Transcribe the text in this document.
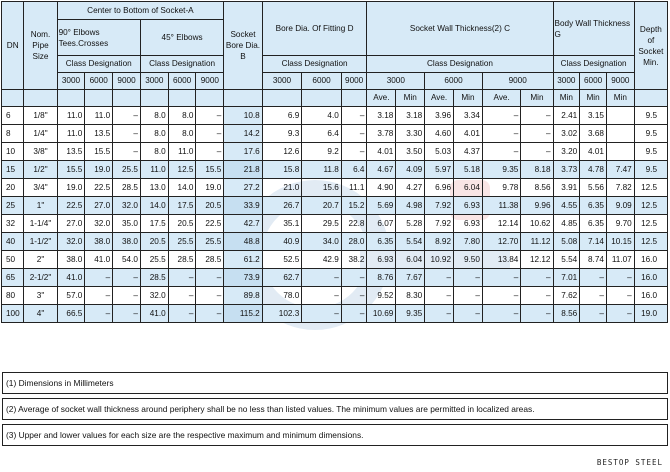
DN	Nom. Pipe Size	Center to Bottom of Socket-A						Socket Bore Dia. B	Bore Dia. Of Fitting D			Socket Wall Thickness(2) C						Body Wall Thickness G			Depth of Socket Min.
		90° Elbows Tees.Crosses			45° Elbows																
		Class Designation			Class Designation				Class Designation			Class Designation						Class Designation			
		3000	6000	9000	3000	6000	9000		3000	6000	9000	3000		6000		9000		3000	6000	9000	
												Ave.	Min	Ave.	Min	Ave.	Min	Min	Min	Min	
6	1/8"	11.0	11.0	–	8.0	8.0	–	10.8	6.9	4.0	–	3.18	3.18	3.96	3.34	–	–	2.41	3.15		9.5
8	1/4"	11.0	13.5	–	8.0	8.0	–	14.2	9.3	6.4	–	3.78	3.30	4.60	4.01	–	–	3.02	3.68		9.5
10	3/8"	13.5	15.5	–	8.0	11.0	–	17.6	12.6	9.2	–	4.01	3.50	5.03	4.37	–	–	3.20	4.01		9.5
15	1/2"	15.5	19.0	25.5	11.0	12.5	15.5	21.8	15.8	11.8	6.4	4.67	4.09	5.97	5.18	9.35	8.18	3.73	4.78	7.47	9.5
20	3/4"	19.0	22.5	28.5	13.0	14.0	19.0	27.2	21.0	15.6	11.1	4.90	4.27	6.96	6.04	9.78	8.56	3.91	5.56	7.82	12.5
25	1"	22.5	27.0	32.0	14.0	17.5	20.5	33.9	26.7	20.7	15.2	5.69	4.98	7.92	6.93	11.38	9.96	4.55	6.35	9.09	12.5
32	1-1/4"	27.0	32.0	35.0	17.5	20.5	22.5	42.7	35.1	29.5	22.8	6.07	5.28	7.92	6.93	12.14	10.62	4.85	6.35	9.70	12.5
40	1-1/2"	32.0	38.0	38.0	20.5	25.5	25.5	48.8	40.9	34.0	28.0	6.35	5.54	8.92	7.80	12.70	11.12	5.08	7.14	10.15	12.5
50	2"	38.0	41.0	54.0	25.5	28.5	28.5	61.2	52.5	42.9	38.2	6.93	6.04	10.92	9.50	13.84	12.12	5.54	8.74	11.07	16.0
65	2-1/2"	41.0	–	–	28.5	–	–	73.9	62.7	–	–	8.76	7.67	–	–	–	–	7.01	–	–	16.0
80	3"	57.0	–	–	32.0	–	–	89.8	78.0	–	–	9.52	8.30	–	–	–	–	7.62	–	–	16.0
100	4"	66.5	–	–	41.0	–	–	115.2	102.3	–	–	10.69	9.35	–	–	–	–	8.56	–	–	19.0
(1) Dimensions in Millimeters
(2) Average of socket wall thickness around periphery shall be no less than listed values. The minimum values are permitted in localized areas.
(3) Upper and lower values for each size are the respective maximum and minimum dimensions.
BESTOP STEEL
